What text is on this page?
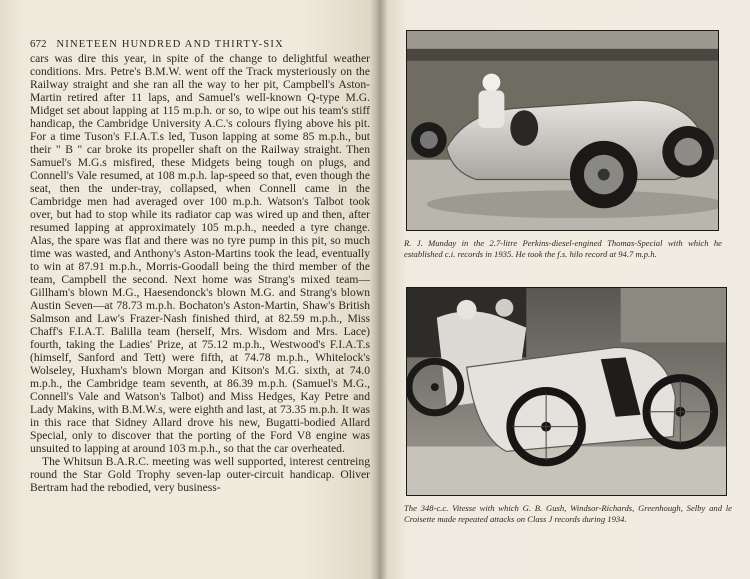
672 NINETEEN HUNDRED AND THIRTY-SIX

cars was dire this year, in spite of the change to delightful weather conditions. Mrs. Petre's B.M.W. went off the Track mysteriously on the Railway straight and she ran all the way to her pit, Campbell's Aston-Martin retired after 11 laps, and Samuel's well-known Q-type M.G. Midget set about lapping at 115 m.p.h. or so, to wipe out his team's stiff handicap, the Cambridge University A.C.'s colours flying above his pit. For a time Tuson's F.I.A.T.s led, Tuson lapping at some 85 m.p.h., but their " B " car broke its propeller shaft on the Railway straight. Then Samuel's M.G.s misfired, these Midgets being tough on plugs, and Connell's Vale resumed, at 108 m.p.h. lap-speed so that, even though the seat, then the under-tray, collapsed, when Connell came in the Cambridge men had averaged over 100 m.p.h. Watson's Talbot took over, but had to stop while its radiator cap was wired up and then, after resumed lapping at approximately 105 m.p.h., needed a tyre change. Alas, the spare was flat and there was no tyre pump in this pit, so much time was wasted, and Anthony's Aston-Martins took the lead, eventually to win at 87.91 m.p.h., Morris-Goodall being the third member of the team, Campbell the second. Next home was Strang's mixed team—Gillham's blown M.G., Haesendonck's blown M.G. and Strang's blown Austin Seven—at 78.73 m.p.h. Bochaton's Aston-Martin, Shaw's British Salmson and Law's Frazer-Nash finished third, at 82.59 m.p.h., Miss Chaff's F.I.A.T. Balilla team (herself, Mrs. Wisdom and Mrs. Lace) fourth, taking the Ladies' Prize, at 75.12 m.p.h., Westwood's F.I.A.T.s (himself, Sanford and Tett) were fifth, at 74.78 m.p.h., Whitelock's Wolseley, Huxham's blown Morgan and Kitson's M.G. sixth, at 74.0 m.p.h., the Cambridge team seventh, at 86.39 m.p.h. (Samuel's M.G., Connell's Vale and Watson's Talbot) and Miss Hedges, Kay Petre and Lady Makins, with B.M.W.s, were eighth and last, at 73.35 m.p.h. It was in this race that Sidney Allard drove his new, Bugatti-bodied Allard Special, only to discover that the porting of the Ford V8 engine was unsuited to lapping at around 103 m.p.h., so that the car overheated.

The Whitsun B.A.R.C. meeting was well supported, interest centreing round the Star Gold Trophy seven-lap outer-circuit handicap. Oliver Bertram had the rebodied, very business-

R. J. Munday in the 2.7-litre Perkins-diesel-engined Thomas-Special with which he established c.i. records in 1935. He took the f.s. hilo record at 94.7 m.p.h.
The 348-c.c. Vitesse with which G. B. Gush, Windsor-Richards, Greenhough, Selby and le Croisette made repeated attacks on Class J records during 1934.
